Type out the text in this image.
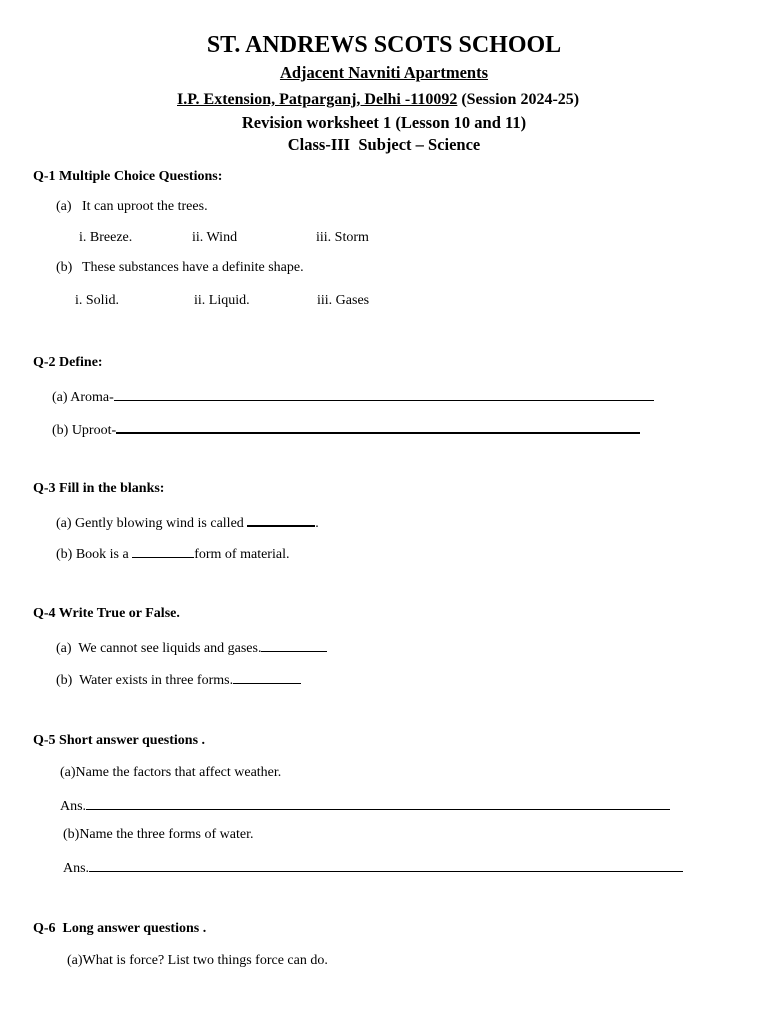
ST. ANDREWS SCOTS SCHOOL
Adjacent Navniti Apartments
I.P. Extension, Patparganj, Delhi -110092 (Session 2024-25)
Revision worksheet 1 (Lesson 10 and 11)
Class-III  Subject – Science
Q-1 Multiple Choice Questions:
(a) It can uproot the trees.
i. Breeze.	ii. Wind	iii. Storm
(b) These substances have a definite shape.
i. Solid.	ii. Liquid.	iii. Gases
Q-2 Define:
(a) Aroma-
(b) Uproot-
Q-3 Fill in the blanks:
(a) Gently blowing wind is called	.
(b) Book is a	form of material.
Q-4 Write True or False.
(a)  We cannot see liquids and gases.
(b)  Water exists in three forms.
Q-5 Short answer questions .
(a)Name the factors that affect weather.
Ans.
(b)Name the three forms of water.
Ans.
Q-6  Long answer questions .
(a)What is force? List two things force can do.
